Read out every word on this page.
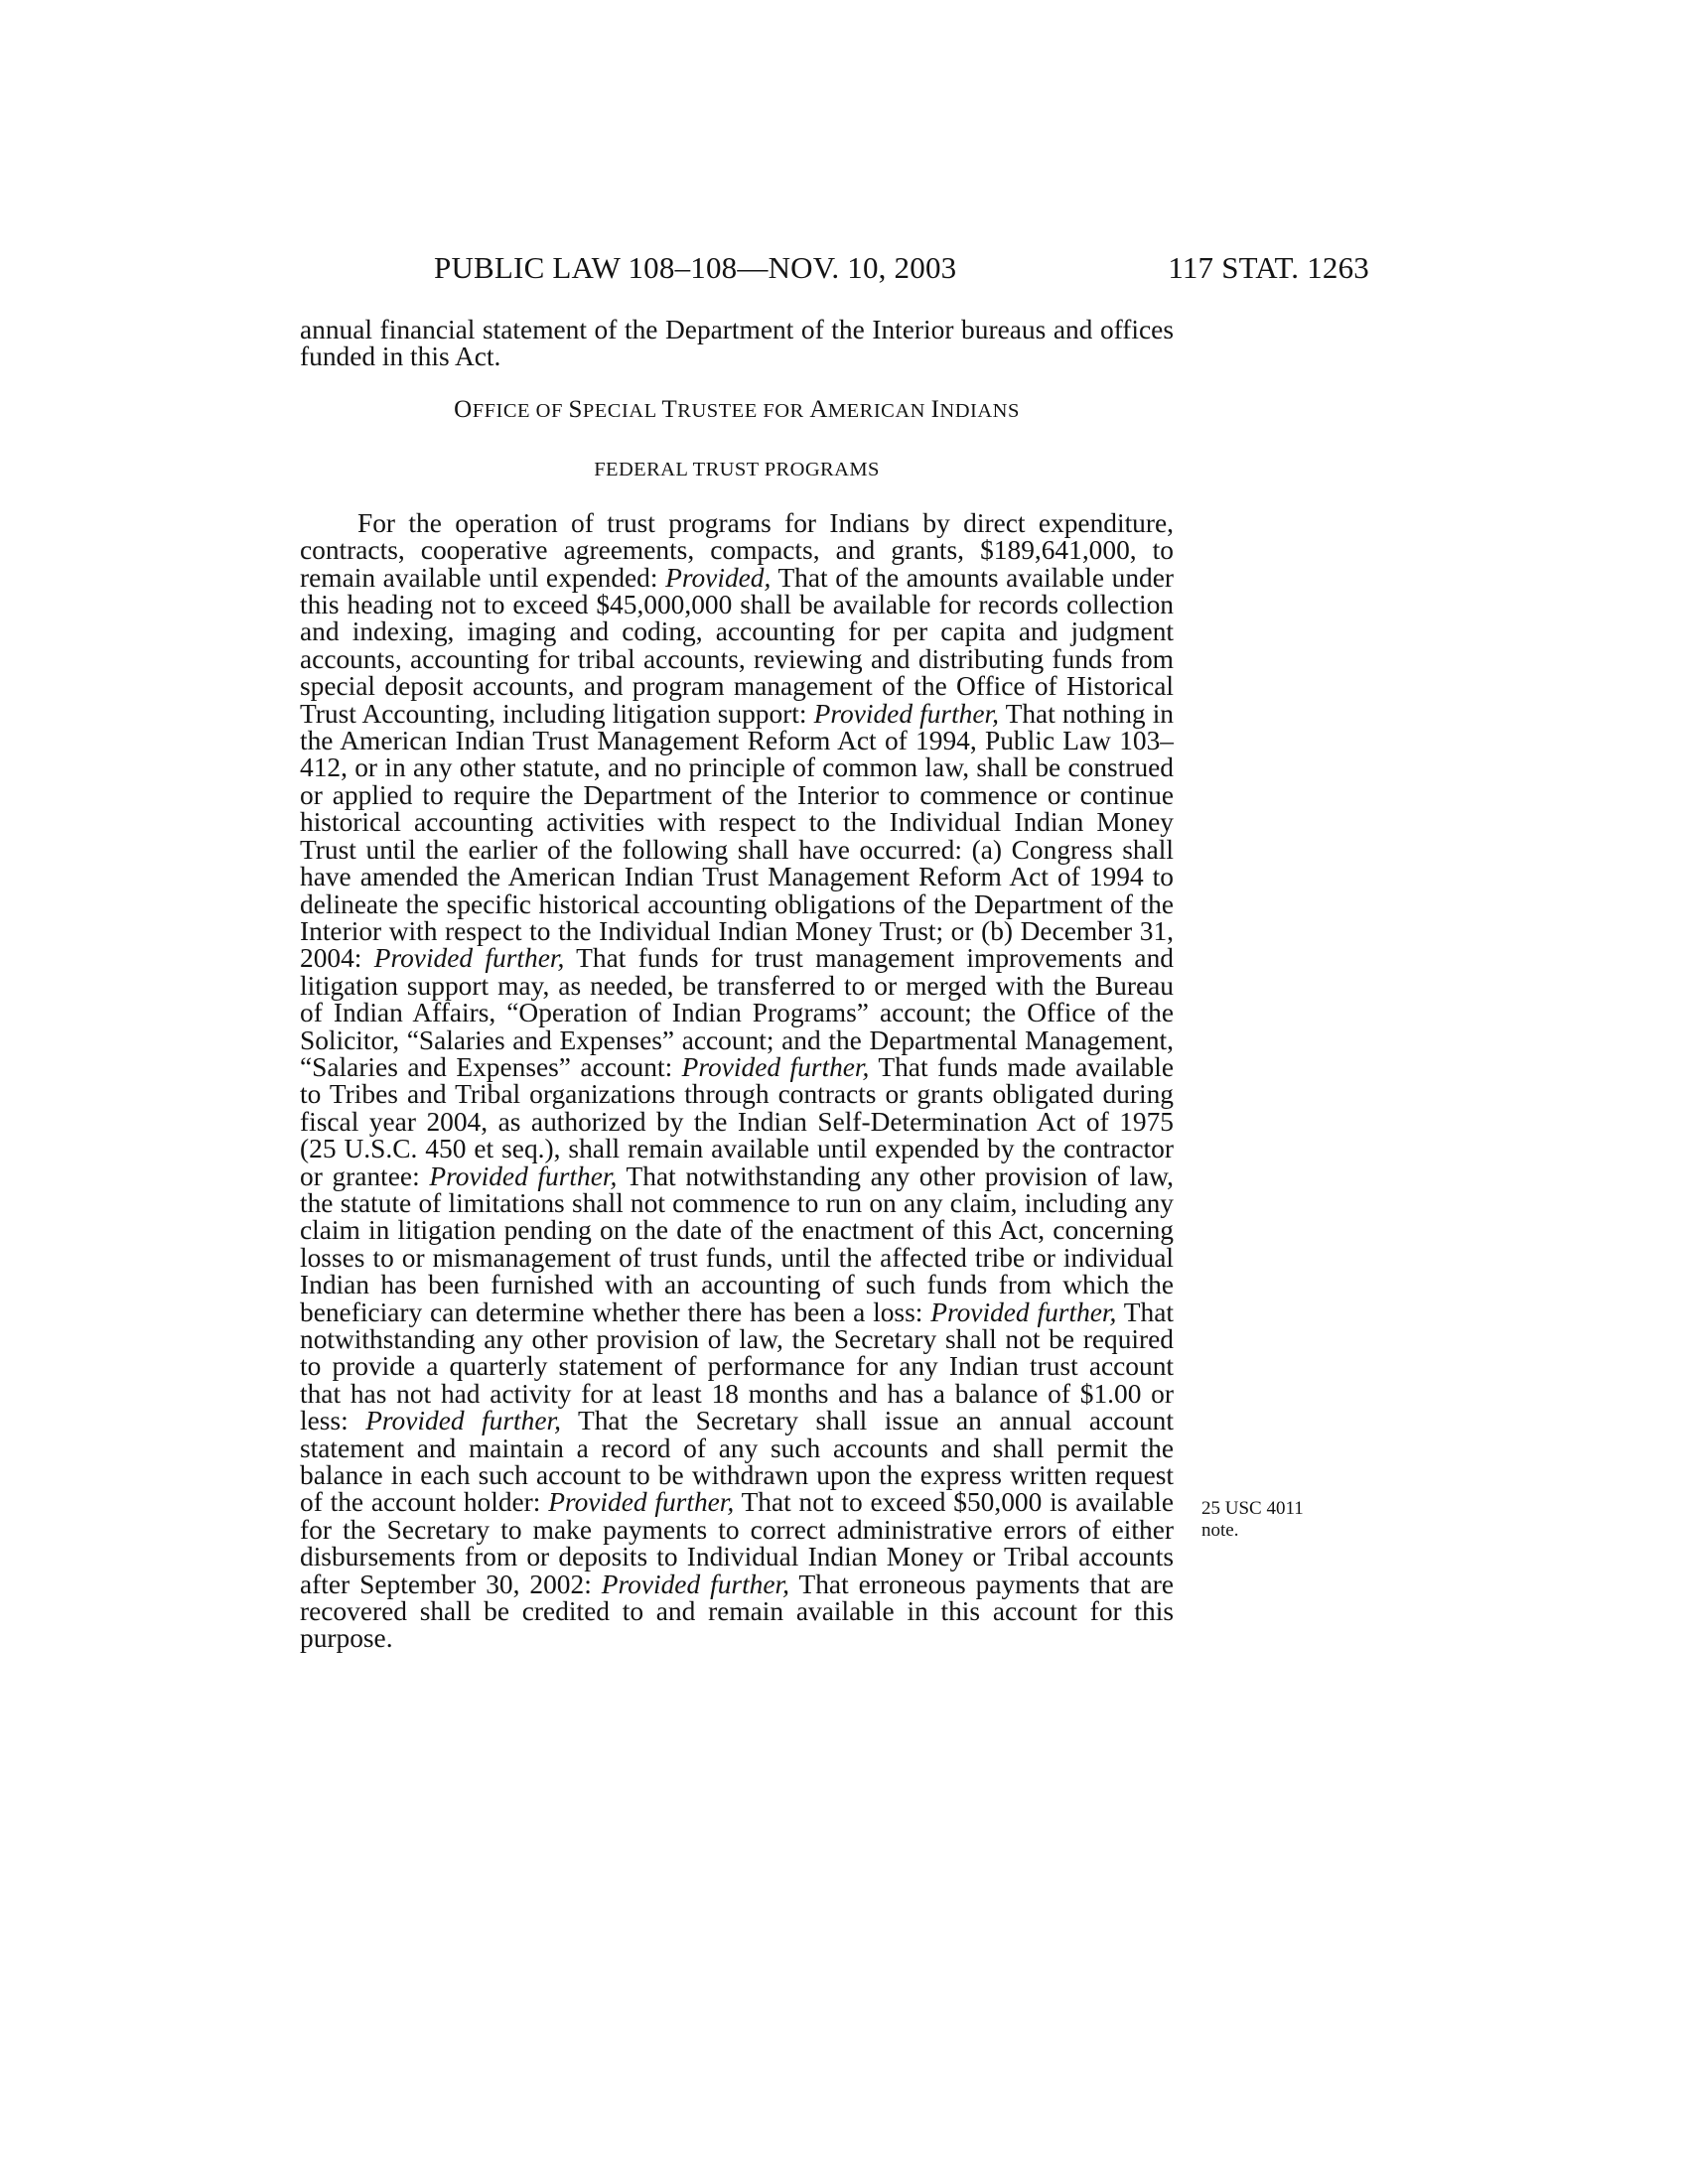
PUBLIC LAW 108–108—NOV. 10, 2003	117 STAT. 1263

annual financial statement of the Department of the Interior bureaus and offices funded in this Act.

OFFICE OF SPECIAL TRUSTEE FOR AMERICAN INDIANS
FEDERAL TRUST PROGRAMS

For the operation of trust programs for Indians by direct expenditure, contracts, cooperative agreements, compacts, and grants, $189,641,000, to remain available until expended: Provided, That of the amounts available under this heading not to exceed $45,000,000 shall be available for records collection and indexing, imaging and coding, accounting for per capita and judgment accounts, accounting for tribal accounts, reviewing and distributing funds from special deposit accounts, and program management of the Office of Historical Trust Accounting, including litigation support: Provided further, That nothing in the American Indian Trust Management Reform Act of 1994, Public Law 103–412, or in any other statute, and no principle of common law, shall be construed or applied to require the Department of the Interior to commence or continue historical accounting activities with respect to the Individual Indian Money Trust until the earlier of the following shall have occurred: (a) Congress shall have amended the American Indian Trust Management Reform Act of 1994 to delineate the specific historical accounting obligations of the Department of the Interior with respect to the Individual Indian Money Trust; or (b) December 31, 2004: Provided further, That funds for trust management improvements and litigation support may, as needed, be transferred to or merged with the Bureau of Indian Affairs, “Operation of Indian Programs” account; the Office of the Solicitor, “Salaries and Expenses” account; and the Departmental Management, “Salaries and Expenses” account: Provided further, That funds made available to Tribes and Tribal organizations through contracts or grants obligated during fiscal year 2004, as authorized by the Indian Self-Determination Act of 1975 (25 U.S.C. 450 et seq.), shall remain available until expended by the contractor or grantee: Provided further, That notwithstanding any other provision of law, the statute of limitations shall not commence to run on any claim, including any claim in litigation pending on the date of the enactment of this Act, concerning losses to or mismanagement of trust funds, until the affected tribe or individual Indian has been furnished with an accounting of such funds from which the beneficiary can determine whether there has been a loss: Provided further, That notwithstanding any other provision of law, the Secretary shall not be required to provide a quarterly statement of performance for any Indian trust account that has not had activity for at least 18 months and has a balance of $1.00 or less: Provided further, That the Secretary shall issue an annual account statement and maintain a record of any such accounts and shall permit the balance in each such account to be withdrawn upon the express written request of the account holder: Provided further, That not to exceed $50,000 is available for the Secretary to make payments to correct administrative errors of either disbursements from or deposits to Individual Indian Money or Tribal accounts after September 30, 2002: Provided further, That erroneous payments that are recovered shall be credited to and remain available in this account for this purpose.

25 USC 4011
note.
